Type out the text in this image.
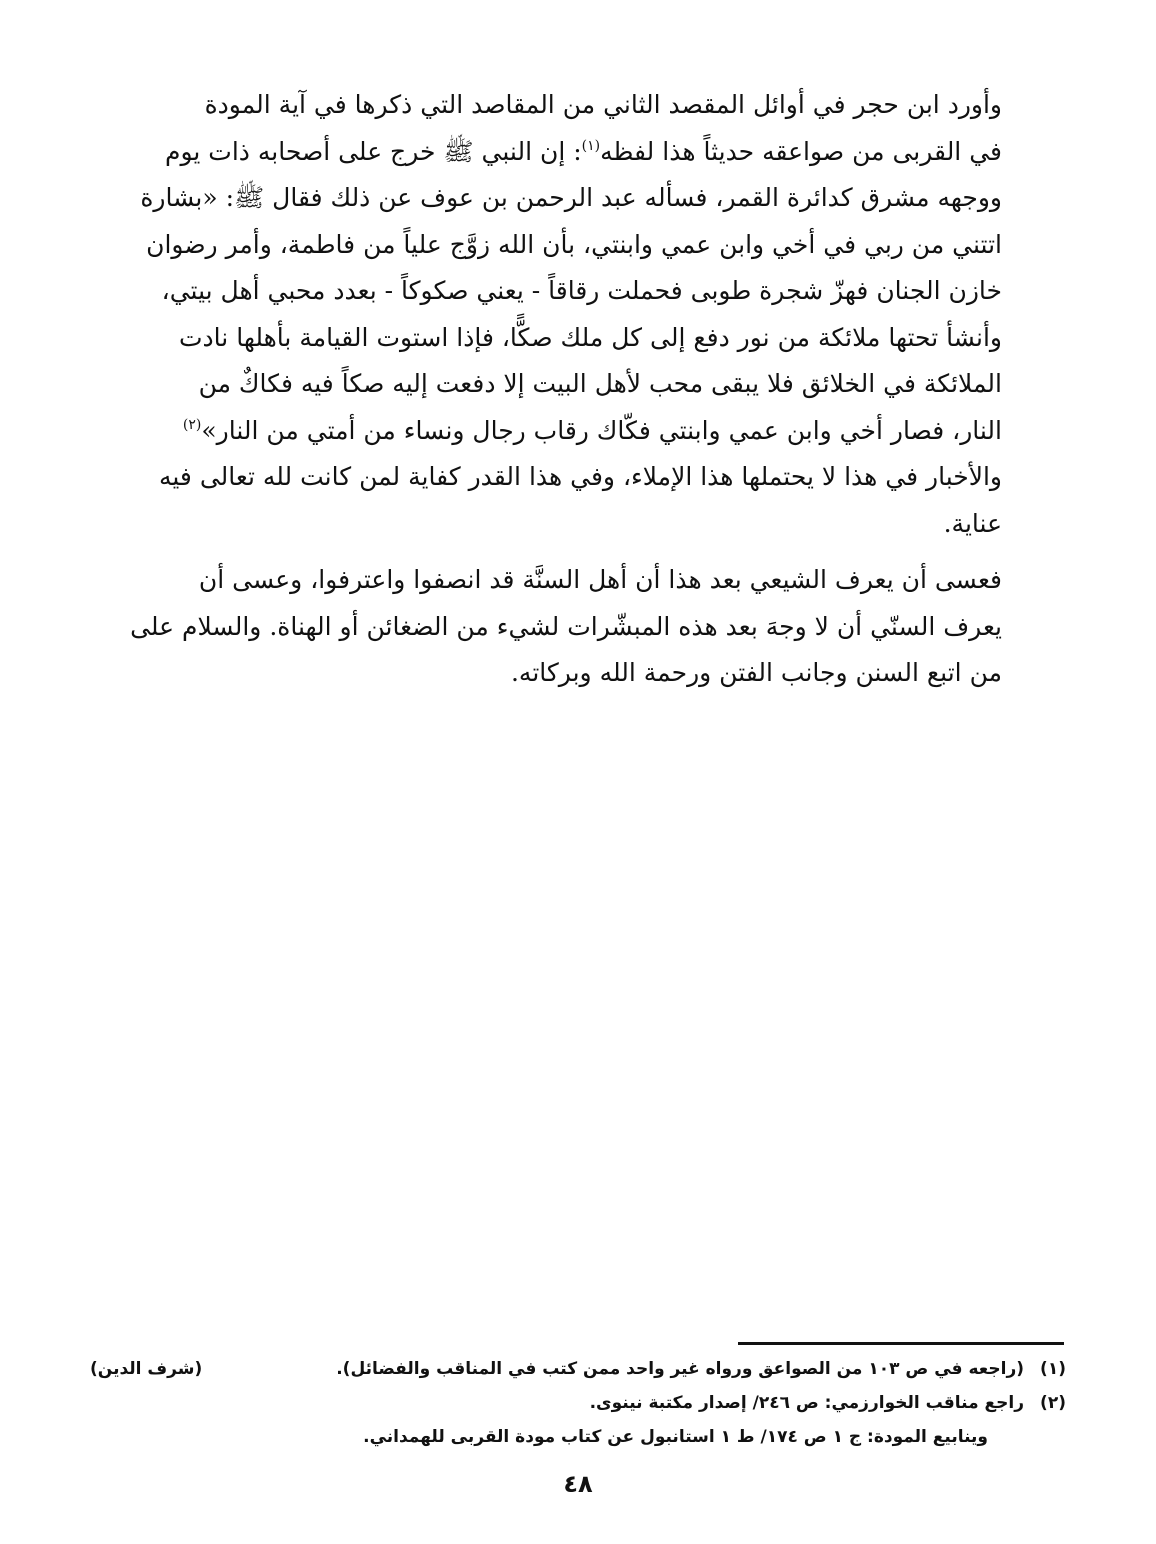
وأورد ابن حجر في أوائل المقصد الثاني من المقاصد التي ذكرها في آية المودة
في القربى من صواعقه حديثاً هذا لفظه$^{(١)}$: إن النبي ﷺ خرج على أصحابه ذات يوم
ووجهه مشرق كدائرة القمر، فسأله عبد الرحمن بن عوف عن ذلك فقال ﷺ: «بشارة
اتتني من ربي في أخي وابن عمي وابنتي، بأن الله زوَّج علياً من فاطمة، وأمر رضوان
خازن الجنان فهزّ شجرة طوبى فحملت رقاقاً - يعني صكوكاً - بعدد محبي أهل بيتي،
وأنشأ تحتها ملائكة من نور دفع إلى كل ملك صكًّا، فإذا استوت القيامة بأهلها نادت
الملائكة في الخلائق فلا يبقى محب لأهل البيت إلا دفعت إليه صكاً فيه فكاكٌ من
النار، فصار أخي وابن عمي وابنتي فكّاك رقاب رجال ونساء من أمتي من النار»$^{(٢)}$
والأخبار في هذا لا يحتملها هذا الإملاء، وفي هذا القدر كفاية لمن كانت لله تعالى فيه
عناية.

فعسى أن يعرف الشيعي بعد هذا أن أهل السنَّة قد انصفوا واعترفوا، وعسى أن
يعرف السنّي أن لا وجهَ بعد هذه المبشّرات لشيء من الضغائن أو الهناة. والسلام على
من اتبع السنن وجانب الفتن ورحمة الله وبركاته.

(١)
(راجعه في ص ١٠٣ من الصواعق ورواه غير واحد ممن كتب في المناقب والفضائل).
(شرف الدين)
(٢)
راجع مناقب الخوارزمي: ص ٢٤٦/ إصدار مكتبة نينوى.
وينابيع المودة: ج ١ ص ١٧٤/ ط ١ استانبول عن كتاب مودة القربى للهمداني.
٤٨
